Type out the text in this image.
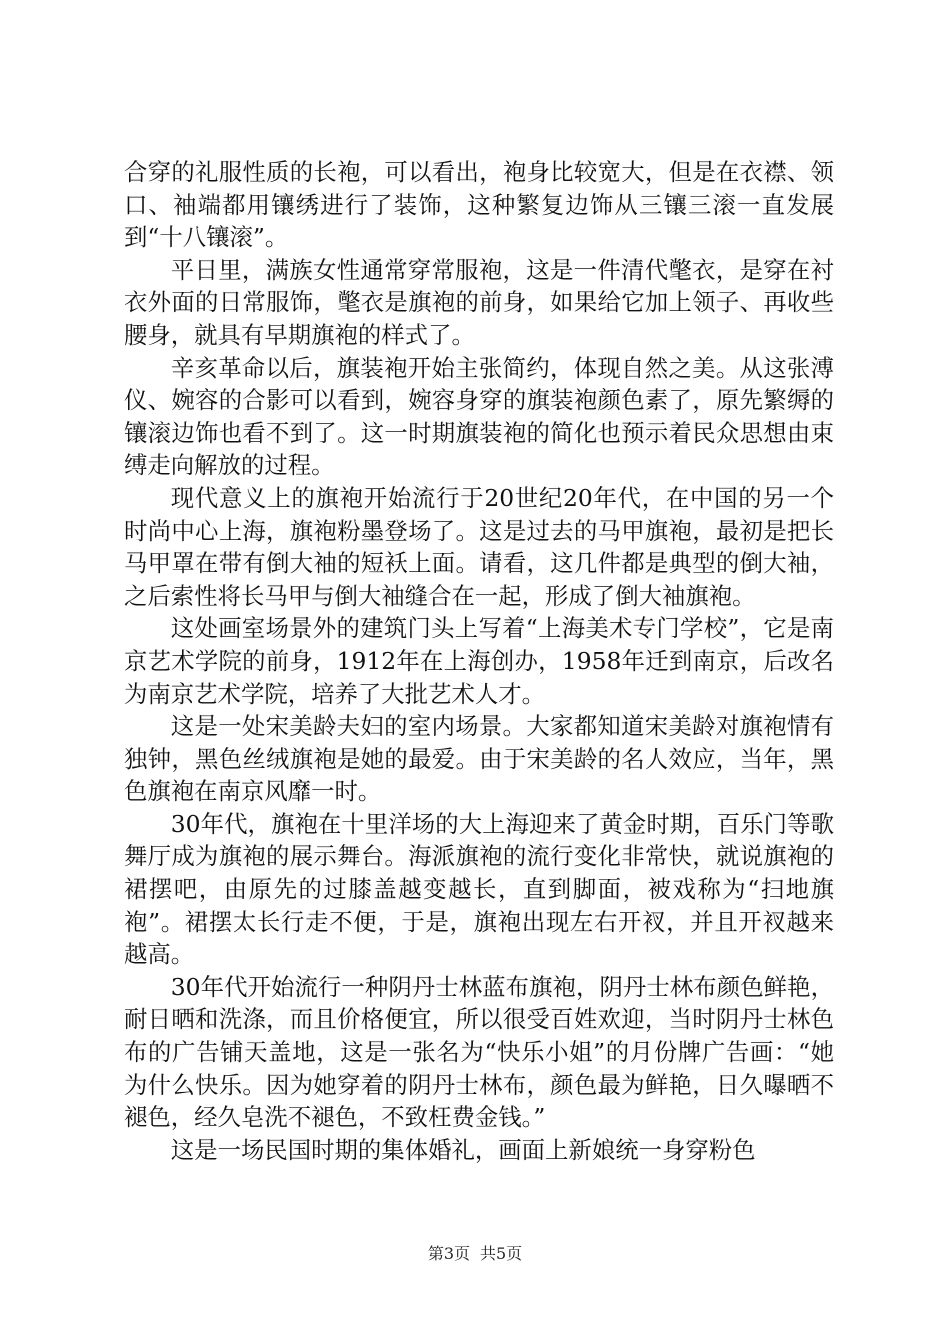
合穿的礼服性质的长袍，可以看出，袍身比较宽大，但是在衣襟、领口、袖端都用镶绣进行了装饰，这种繁复边饰从三镶三滚一直发展到“十八镶滚”。

平日里，满族女性通常穿常服袍，这是一件清代氅衣，是穿在衬衣外面的日常服饰，氅衣是旗袍的前身，如果给它加上领子、再收些腰身，就具有早期旗袍的样式了。

辛亥革命以后，旗装袍开始主张简约，体现自然之美。从这张溥仪、婉容的合影可以看到，婉容身穿的旗装袍颜色素了，原先繁缛的镶滚边饰也看不到了。这一时期旗装袍的简化也预示着民众思想由束缚走向解放的过程。

现代意义上的旗袍开始流行于20世纪20年代，在中国的另一个时尚中心上海，旗袍粉墨登场了。这是过去的马甲旗袍，最初是把长马甲罩在带有倒大袖的短袄上面。请看，这几件都是典型的倒大袖，之后索性将长马甲与倒大袖缝合在一起，形成了倒大袖旗袍。

这处画室场景外的建筑门头上写着“上海美术专门学校”，它是南京艺术学院的前身，1912年在上海创办，1958年迁到南京，后改名为南京艺术学院，培养了大批艺术人才。

这是一处宋美龄夫妇的室内场景。大家都知道宋美龄对旗袍情有独钟，黑色丝绒旗袍是她的最爱。由于宋美龄的名人效应，当年，黑色旗袍在南京风靡一时。

30年代，旗袍在十里洋场的大上海迎来了黄金时期，百乐门等歌舞厅成为旗袍的展示舞台。海派旗袍的流行变化非常快，就说旗袍的裙摆吧，由原先的过膝盖越变越长，直到脚面，被戏称为“扫地旗袍”。裙摆太长行走不便，于是，旗袍出现左右开衩，并且开衩越来越高。

30年代开始流行一种阴丹士林蓝布旗袍，阴丹士林布颜色鲜艳，耐日晒和洗涤，而且价格便宜，所以很受百姓欢迎，当时阴丹士林色布的广告铺天盖地，这是一张名为“快乐小姐”的月份牌广告画：“她为什么快乐。因为她穿着的阴丹士林布，颜色最为鲜艳，日久曝晒不褪色，经久皂洗不褪色，不致枉费金钱。”

这是一场民国时期的集体婚礼，画面上新娘统一身穿粉色

第3页 共5页
